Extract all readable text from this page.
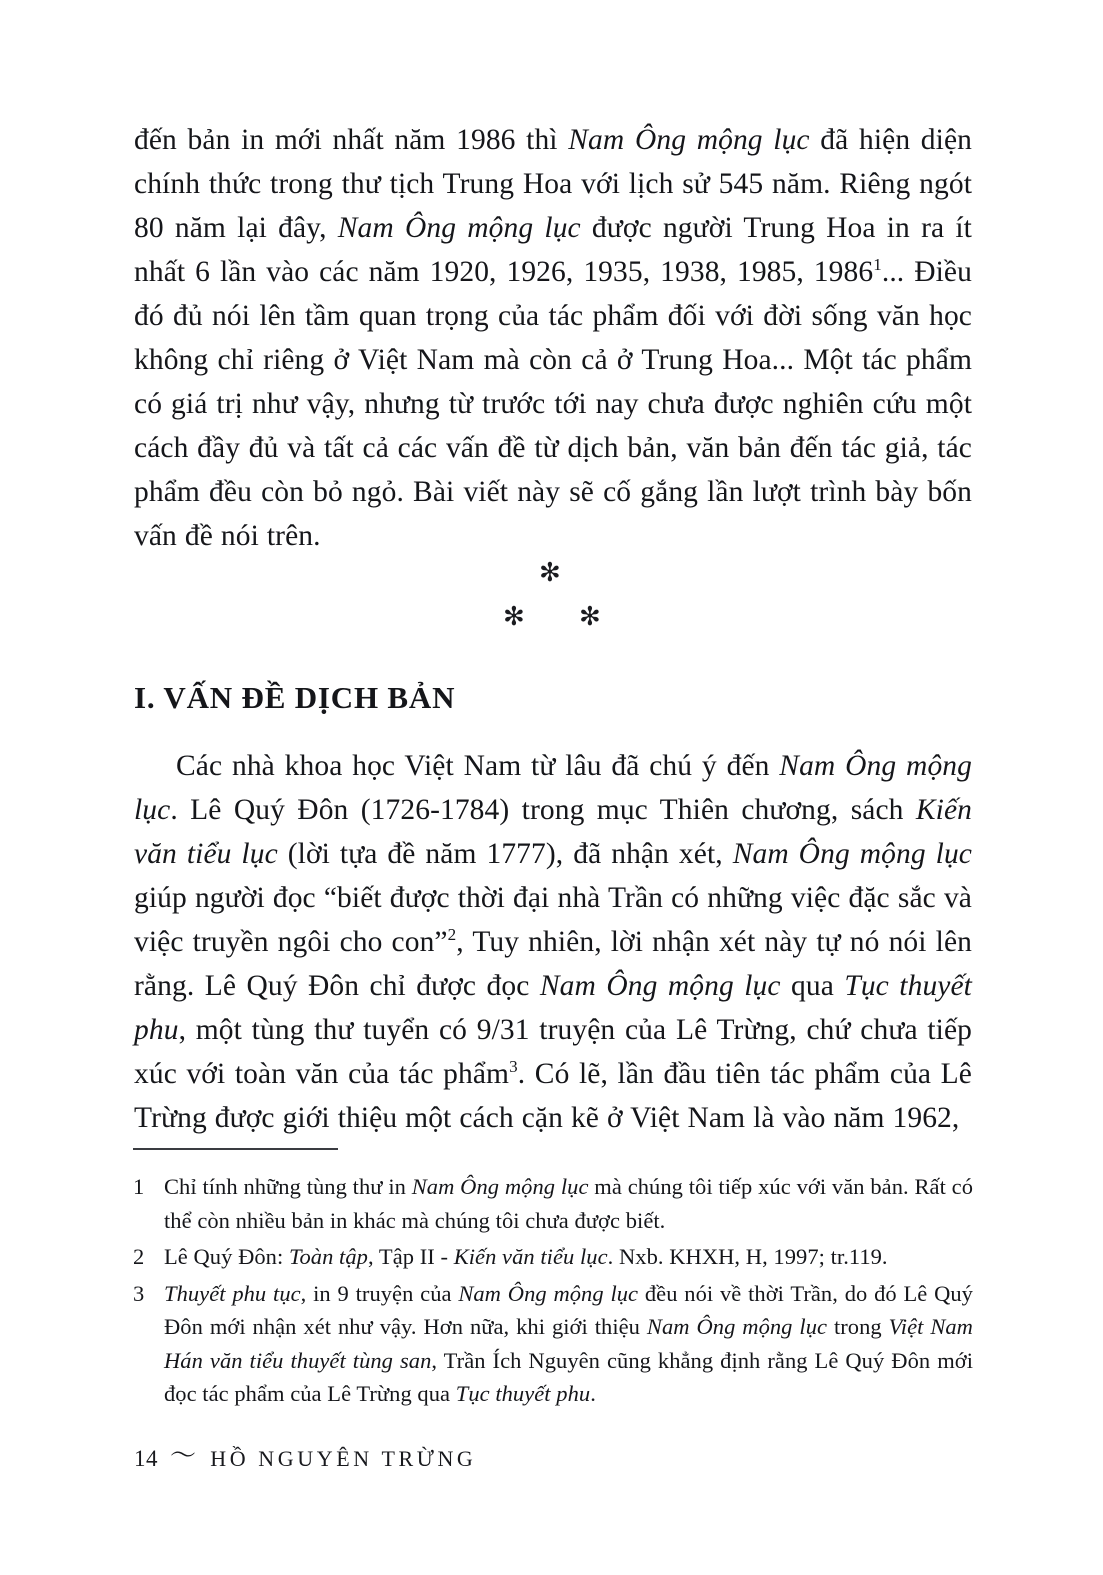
đến bản in mới nhất năm 1986 thì Nam Ông mộng lục đã hiện diện chính thức trong thư tịch Trung Hoa với lịch sử 545 năm. Riêng ngót 80 năm lại đây, Nam Ông mộng lục được người Trung Hoa in ra ít nhất 6 lần vào các năm 1920, 1926, 1935, 1938, 1985, 1986$^1$... Điều đó đủ nói lên tầm quan trọng của tác phẩm đối với đời sống văn học không chỉ riêng ở Việt Nam mà còn cả ở Trung Hoa... Một tác phẩm có giá trị như vậy, nhưng từ trước tới nay chưa được nghiên cứu một cách đầy đủ và tất cả các vấn đề từ dịch bản, văn bản đến tác giả, tác phẩm đều còn bỏ ngỏ. Bài viết này sẽ cố gắng lần lượt trình bày bốn vấn đề nói trên.

✻
✻ ✻
I. VẤN ĐỀ DỊCH BẢN

Các nhà khoa học Việt Nam từ lâu đã chú ý đến Nam Ông mộng lục. Lê Quý Đôn (1726-1784) trong mục Thiên chương, sách Kiến văn tiểu lục (lời tựa đề năm 1777), đã nhận xét, Nam Ông mộng lục giúp người đọc “biết được thời đại nhà Trần có những việc đặc sắc và việc truyền ngôi cho con”$^2$, Tuy nhiên, lời nhận xét này tự nó nói lên rằng. Lê Quý Đôn chỉ được đọc Nam Ông mộng lục qua Tục thuyết phu, một tùng thư tuyển có 9/31 truyện của Lê Trừng, chứ chưa tiếp xúc với toàn văn của tác phẩm$^3$. Có lẽ, lần đầu tiên tác phẩm của Lê Trừng được giới thiệu một cách cặn kẽ ở Việt Nam là vào năm 1962,

1 Chỉ tính những tùng thư in Nam Ông mộng lục mà chúng tôi tiếp xúc với văn bản. Rất có thể còn nhiều bản in khác mà chúng tôi chưa được biết.
2 Lê Quý Đôn: Toàn tập, Tập II - Kiến văn tiểu lục. Nxb. KHXH, H, 1997; tr.119.
3 Thuyết phu tục, in 9 truyện của Nam Ông mộng lục đều nói về thời Trần, do đó Lê Quý Đôn mới nhận xét như vậy. Hơn nữa, khi giới thiệu Nam Ông mộng lục trong Việt Nam Hán văn tiểu thuyết tùng san, Trần Ích Nguyên cũng khẳng định rằng Lê Quý Đôn mới đọc tác phẩm của Lê Trừng qua Tục thuyết phu.
14 〜 HỒ NGUYÊN TRỪNG
